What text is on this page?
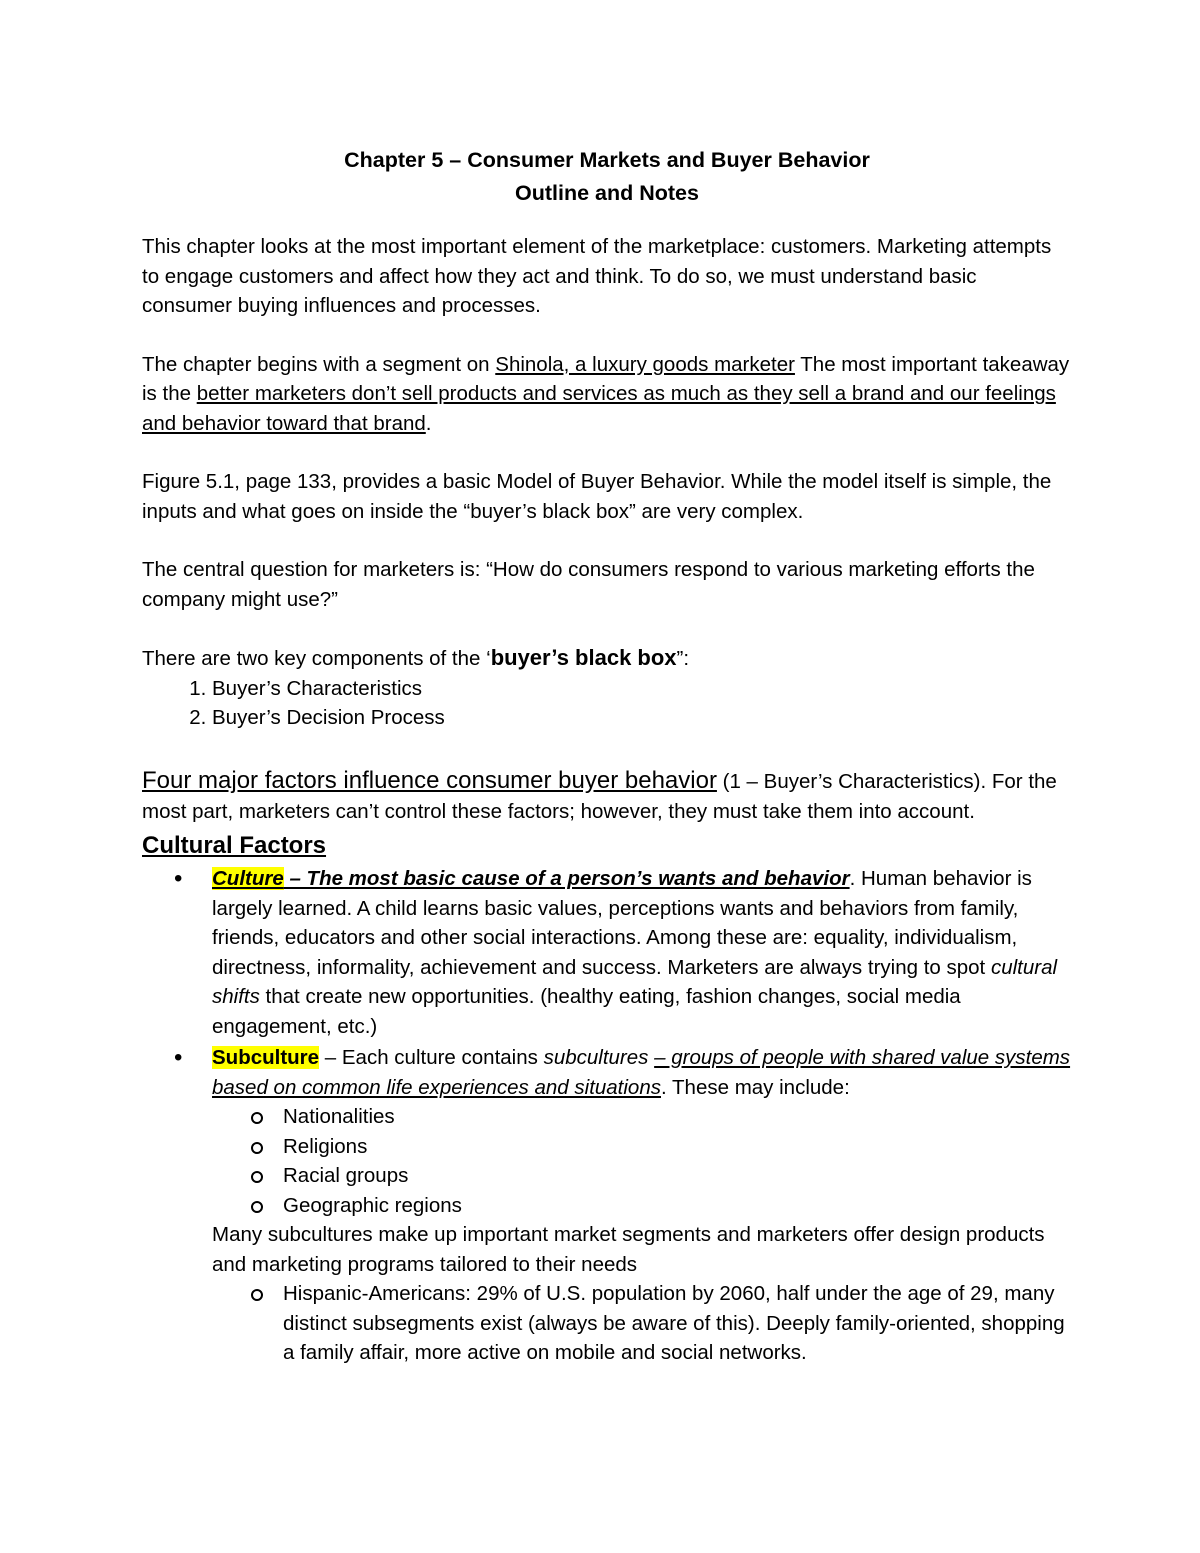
Chapter 5 – Consumer Markets and Buyer Behavior
Outline and Notes

This chapter looks at the most important element of the marketplace: customers. Marketing attempts to engage customers and affect how they act and think. To do so, we must understand basic consumer buying influences and processes.

The chapter begins with a segment on Shinola, a luxury goods marketer The most important takeaway is the better marketers don’t sell products and services as much as they sell a brand and our feelings and behavior toward that brand.

Figure 5.1, page 133, provides a basic Model of Buyer Behavior. While the model itself is simple, the inputs and what goes on inside the “buyer’s black box” are very complex.

The central question for marketers is: “How do consumers respond to various marketing efforts the company might use?”

There are two key components of the ‘buyer’s black box”:
1. Buyer’s Characteristics
2. Buyer’s Decision Process
Four major factors influence consumer buyer behavior (1 – Buyer’s Characteristics). For the most part, marketers can’t control these factors; however, they must take them into account.
Cultural Factors
• Culture – The most basic cause of a person’s wants and behavior. Human behavior is largely learned. A child learns basic values, perceptions wants and behaviors from family, friends, educators and other social interactions. Among these are: equality, individualism, directness, informality, achievement and success. Marketers are always trying to spot cultural shifts that create new opportunities. (healthy eating, fashion changes, social media engagement, etc.)
• Subculture – Each culture contains subcultures – groups of people with shared value systems based on common life experiences and situations. These may include:
Nationalities
Religions
Racial groups
Geographic regions
Many subcultures make up important market segments and marketers offer design products and marketing programs tailored to their needs
Hispanic-Americans: 29% of U.S. population by 2060, half under the age of 29, many distinct subsegments exist (always be aware of this). Deeply family-oriented, shopping a family affair, more active on mobile and social networks.
